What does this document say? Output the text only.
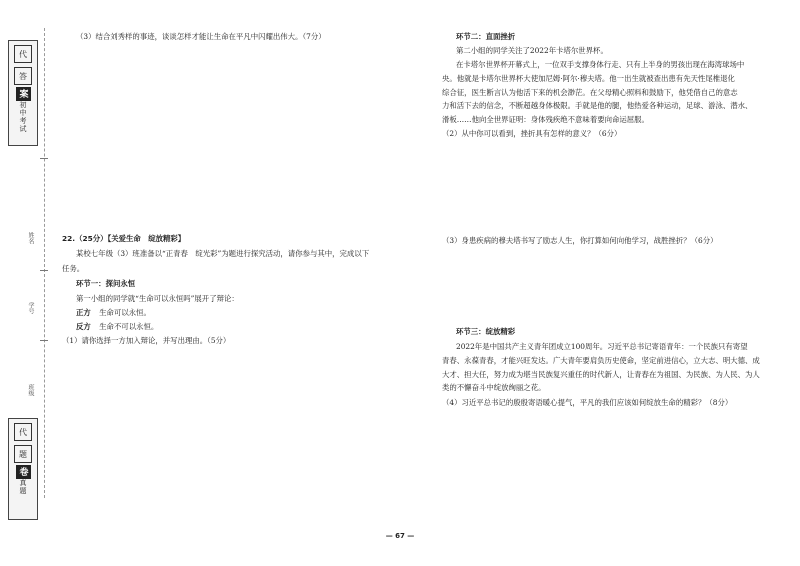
代
答
案
初中
考试
姓名
学号
班级
代
题
卷
真
题

（3）结合刘秀样的事迹，谈谈怎样才能让生命在平凡中闪耀出伟大。（7分）

22.（25分）【关爱生命　绽放精彩】

某校七年级（3）班准备以“正青春　绽光彩”为题进行探究活动，请你参与其中，完成以下

任务。

环节一：探问永恒

第一小组的同学就“生命可以永恒吗”展开了辩论：

正方 生命可以永恒。

反方 生命不可以永恒。

（1）请你选择一方加入辩论，并写出理由。（5分）

环节二：直面挫折

第二小组的同学关注了2022年卡塔尔世界杯。

在卡塔尔世界杯开幕式上，一位双手支撑身体行走、只有上半身的男孩出现在海湾球场中

央。他就是卡塔尔世界杯大使加尼姆·阿尔·穆夫塔。他一出生就被查出患有先天性尾椎退化

综合征，医生断言认为他活下来的机会渺茫。在父母精心照料和鼓励下，他凭借自己的意志

力和活下去的信念，不断超越身体极限。手就是他的腿，他热爱各种运动，足球、游泳、潜水、

滑板……他向全世界证明：身体残疾绝不意味着要向命运屈服。

（2）从中你可以看到，挫折具有怎样的意义？（6分）

（3）身患疾病的穆夫塔书写了励志人生，你打算如何向他学习，战胜挫折？（6分）

环节三：绽放精彩

2022年是中国共产主义青年团成立100周年。习近平总书记寄语青年：一个民族只有寄望

青春、永葆青春，才能兴旺发达。广大青年要肩负历史使命，坚定前进信心，立大志、明大德、成

大才、担大任，努力成为堪当民族复兴重任的时代新人，让青春在为祖国、为民族、为人民、为人

类的不懈奋斗中绽放绚丽之花。

（4）习近平总书记的殷殷寄语暖心提气，平凡的我们应该如何绽放生命的精彩？（8分）

— 67 —
